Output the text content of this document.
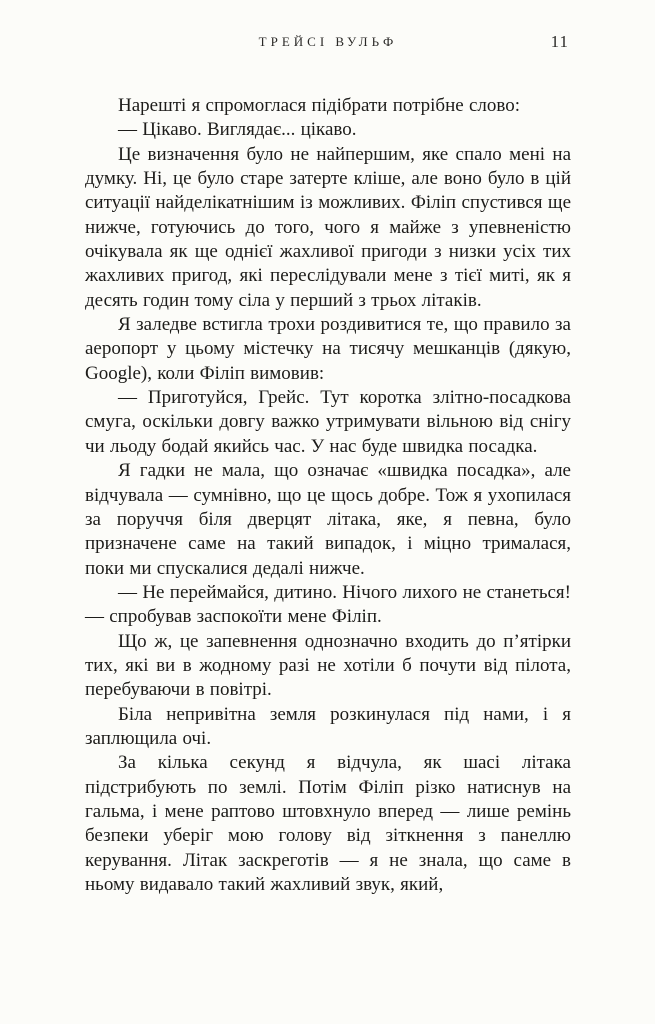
ТРЕЙСІ ВУЛЬФ	11

Нарешті я спромоглася підібрати потрібне слово:

— Цікаво. Виглядає... цікаво.

Це визначення було не найпершим, яке спало мені на думку. Ні, це було старе затерте кліше, але воно було в цій ситуації найделікатнішим із можливих. Філіп спустився ще нижче, готуючись до того, чого я майже з упевненістю очікувала як ще однієї жахливої пригоди з низки усіх тих жахливих пригод, які переслідували мене з тієї миті, як я десять годин тому сіла у перший з трьох літаків.

Я заледве встигла трохи роздивитися те, що правило за аеропорт у цьому містечку на тисячу мешканців (дякую, Google), коли Філіп вимовив:

— Приготуйся, Грейс. Тут коротка злітно-посадкова смуга, оскільки довгу важко утримувати вільною від снігу чи льоду бодай якийсь час. У нас буде швидка посадка.

Я гадки не мала, що означає «швидка посадка», але відчувала — сумнівно, що це щось добре. Тож я ухопилася за поруччя біля дверцят літака, яке, я певна, було призначене саме на такий випадок, і міцно трималася, поки ми спускалися дедалі нижче.

— Не переймайся, дитино. Нічого лихого не станеться! — спробував заспокоїти мене Філіп.

Що ж, це запевнення однозначно входить до п’ятірки тих, які ви в жодному разі не хотіли б почути від пілота, перебуваючи в повітрі.

Біла непривітна земля розкинулася під нами, і я заплющила очі.

За кілька секунд я відчула, як шасі літака підстрибують по землі. Потім Філіп різко натиснув на гальма, і мене раптово штовхнуло вперед — лише ремінь безпеки уберіг мою голову від зіткнення з панеллю керування. Літак заскреготів — я не знала, що саме в ньому видавало такий жахливий звук, який,
